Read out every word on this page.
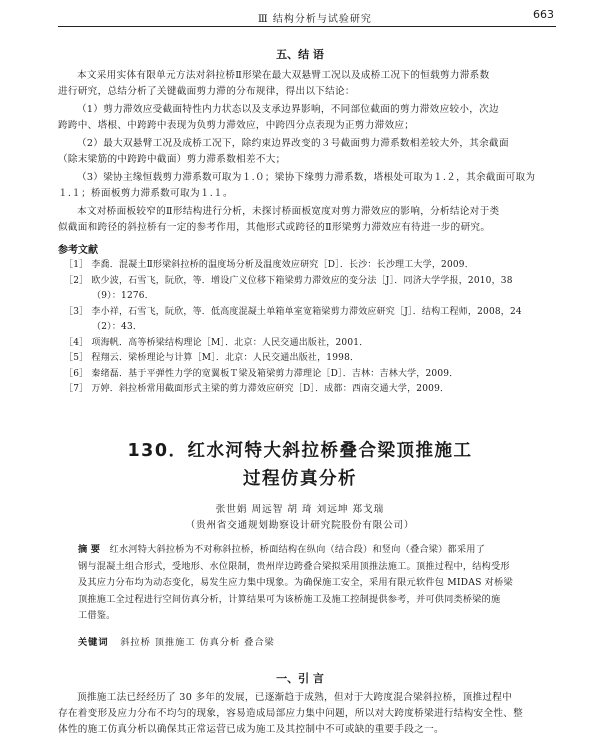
Ⅲ 结构分析与试验研究	663
五、结 语
本文采用实体有限单元方法对斜拉桥Ⅱ形梁在最大双悬臂工况以及成桥工况下的恒载剪力滞系数
进行研究，总结分析了关键截面剪力滞的分布规律，得出以下结论：
（1）剪力滞效应受截面特性内力状态以及支承边界影响，不同部位截面的剪力滞效应较小，次边
跨跨中、塔根、中跨跨中表现为负剪力滞效应，中跨四分点表现为正剪力滞效应；
（2）最大双悬臂工况及成桥工况下，除约束边界改变的３号截面剪力滞系数相差较大外，其余截面
（除末梁筋的中跨跨中截面）剪力滞系数相差不大；
（3）梁协主缘恒载剪力滞系数可取为１.０；梁协下缘剪力滞系数，塔根处可取为１.２，其余截面可取为
１.１；桥面板剪力滞系数可取为１.１。
本文对桥面板较窄的Ⅱ形结构进行分析，未探讨桥面板宽度对剪力滞效应的影响，分析结论对于类
似截面和跨径的斜拉桥有一定的参考作用，其他形式或跨径的Ⅱ形梁剪力滞效应有待进一步的研究。
参考文献
［1］ 李喬．混凝土Ⅱ形梁斜拉桥的温度场分析及温度效应研究［D］．长沙：长沙理工大学，2009．
［2］ 欧少波，石雪飞，阮欣，等．增设广义位移下箱梁剪力滞效应的变分法［J］．同济大学学报，2010，38
（9）：1276．
［3］ 李小祥，石雪飞，阮欣，等．低高度混凝土单箱单室宽箱梁剪力滞效应研究［J］．结构工程师，2008，24
（2）：43．
［4］ 项海帆．高等桥梁结构理论［M］．北京：人民交通出版社，2001．
［5］ 程翔云．梁桥理论与计算［M］．北京：人民交通出版社，1998．
［6］ 秦绪磊．基于平弹性力学的宽翼板Ｔ梁及箱梁剪力滞理论［D］．吉林：吉林大学，2009．
［7］ 万婷．斜拉桥常用截面形式主梁的剪力滞效应研究［D］．成都：西南交通大学，2009．
130．红水河特大斜拉桥叠合梁顶推施工
过程仿真分析
张世娟 周远智 胡 琦 刘远坤 郑戈瑞
（贵州省交通规划勘察设计研究院股份有限公司）
摘 要 红水河特大斜拉桥为不对称斜拉桥，桥面结构在纵向（结合段）和竖向（叠合梁）都采用了
钢与混凝土组合形式，受地形、水位限制，贵州岸边跨叠合梁拟采用顶推法施工。顶推过程中，结构受形
及其应力分布均为动态变化，易发生应力集中现象。为确保施工安全，采用有限元软件包 MIDAS 对桥梁
顶推施工全过程进行空间仿真分析，计算结果可为该桥施工及施工控制提供参考，并可供同类桥梁的施
工借鉴。
关键词 斜拉桥 顶推施工 仿真分析 叠合梁
一、引 言
顶推施工法已经经历了 30 多年的发展，已逐渐趋于成熟，但对于大跨度混合梁斜拉桥，顶推过程中
存在着变形及应力分布不均匀的现象，容易造成局部应力集中问题，所以对大跨度桥梁进行结构安全性、整
体性的施工仿真分析以确保其正常运营已成为施工及其控制中不可或缺的重要手段之一。
